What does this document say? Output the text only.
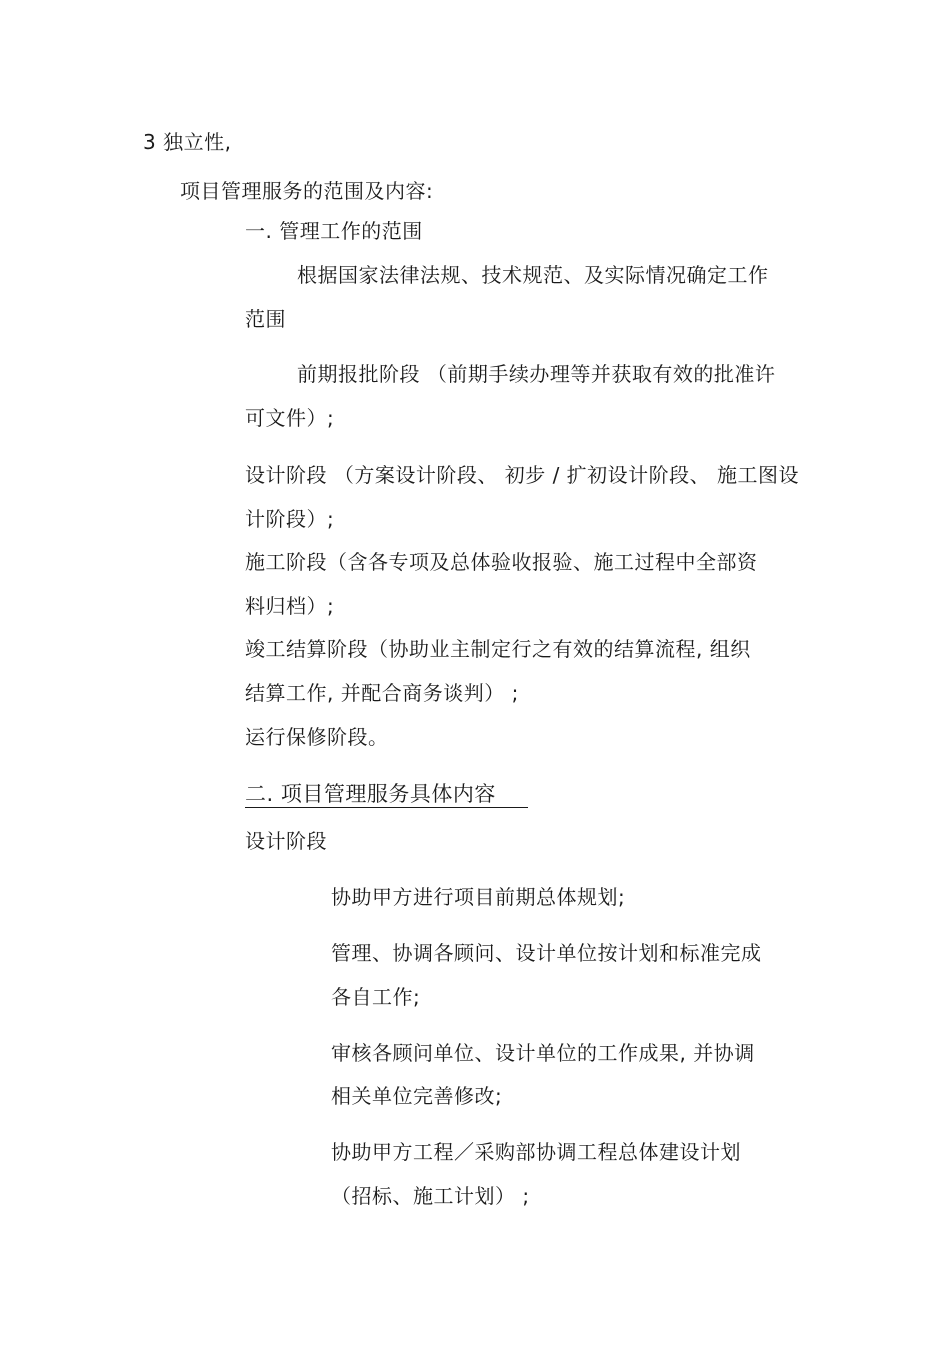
3 独立性,
项目管理服务的范围及内容:
一. 管理工作的范围
根据国家法律法规、技术规范、及实际情况确定工作
范围
前期报批阶段 （前期手续办理等并获取有效的批准许
可文件）;
设计阶段 （方案设计阶段、 初步 / 扩初设计阶段、 施工图设
计阶段）;
施工阶段（含各专项及总体验收报验、施工过程中全部资
料归档）;
竣工结算阶段（协助业主制定行之有效的结算流程, 组织
结算工作, 并配合商务谈判） ;
运行保修阶段。
二. 项目管理服务具体内容
设计阶段
协助甲方进行项目前期总体规划;
管理、协调各顾问、设计单位按计划和标准完成
各自工作;
审核各顾问单位、设计单位的工作成果, 并协调
相关单位完善修改;
协助甲方工程／采购部协调工程总体建设计划
（招标、施工计划） ;
